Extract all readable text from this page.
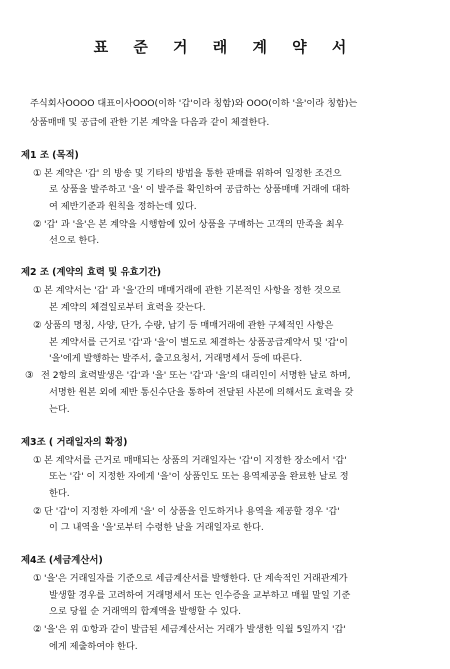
표 준 거 래 계 약 서
주식회사OOOO 대표이사OOO(이하 '갑'이라 칭함)와 OOO(이하 '을'이라 칭함)는
상품매매 및 공급에 관한 기본 계약을 다음과 같이 체결한다.
제1 조 (목적)
① 본 계약은 '갑' 의 방송 및 기타의 방법을 통한 판매를 위하여 일정한 조건으
로 상품을 발주하고 '을' 이 발주를 확인하여 공급하는 상품매매 거래에 대하
여 제반기준과 원칙을 정하는데 있다.
② '갑' 과 '을'은 본 계약을 시행함에 있어 상품을 구매하는 고객의 만족을 최우
선으로 한다.
제2 조 (계약의 효력 및 유효기간)
① 본 계약서는 '갑' 과 '을'간의 매매거래에 관한 기본적인 사항을 정한 것으로
본 계약의 체결일로부터 효력을 갖는다.
② 상품의 명칭, 사양, 단가, 수량, 납기 등 매매거래에 관한 구체적인 사항은
본 계약서를 근거로 '갑'과 '을'이 별도로 체결하는 상품공급계약서 및 '갑'이
'을'에게 발행하는 발주서, 출고요청서, 거래명세서 등에 따른다.
③ 전 2항의 효력발생은 '갑'과 '을' 또는 '갑'과 '을'의 대리인이 서명한 날로 하며,
서명한 원본 외에 제반 통신수단을 통하여 전달된 사본에 의해서도 효력을 갖
는다.
제3조 ( 거래일자의 확정)
① 본 계약서를 근거로 매매되는 상품의 거래일자는 '갑'이 지정한 장소에서 '갑'
또는 '갑' 이 지정한 자에게 '을'이 상품인도 또는 용역제공을 완료한 날로 정
한다.
② 단 '갑'이 지정한 자에게 '을' 이 상품을 인도하거나 용역을 제공할 경우 '갑'
이 그 내역을 '을'로부터 수령한 날을 거래일자로 한다.
제4조 (세금계산서)
① '을'은 거래일자를 기준으로 세금계산서를 발행한다. 단 계속적인 거래관계가
발생할 경우를 고려하여 거래명세서 또는 인수증을 교부하고 매월 말일 기준
으로 당월 순 거래액의 합계액을 발행할 수 있다.
② '을'은 위 ①항과 같이 발급된 세금계산서는 거래가 발생한 익월 5일까지 '갑'
에게 제출하여야 한다.
